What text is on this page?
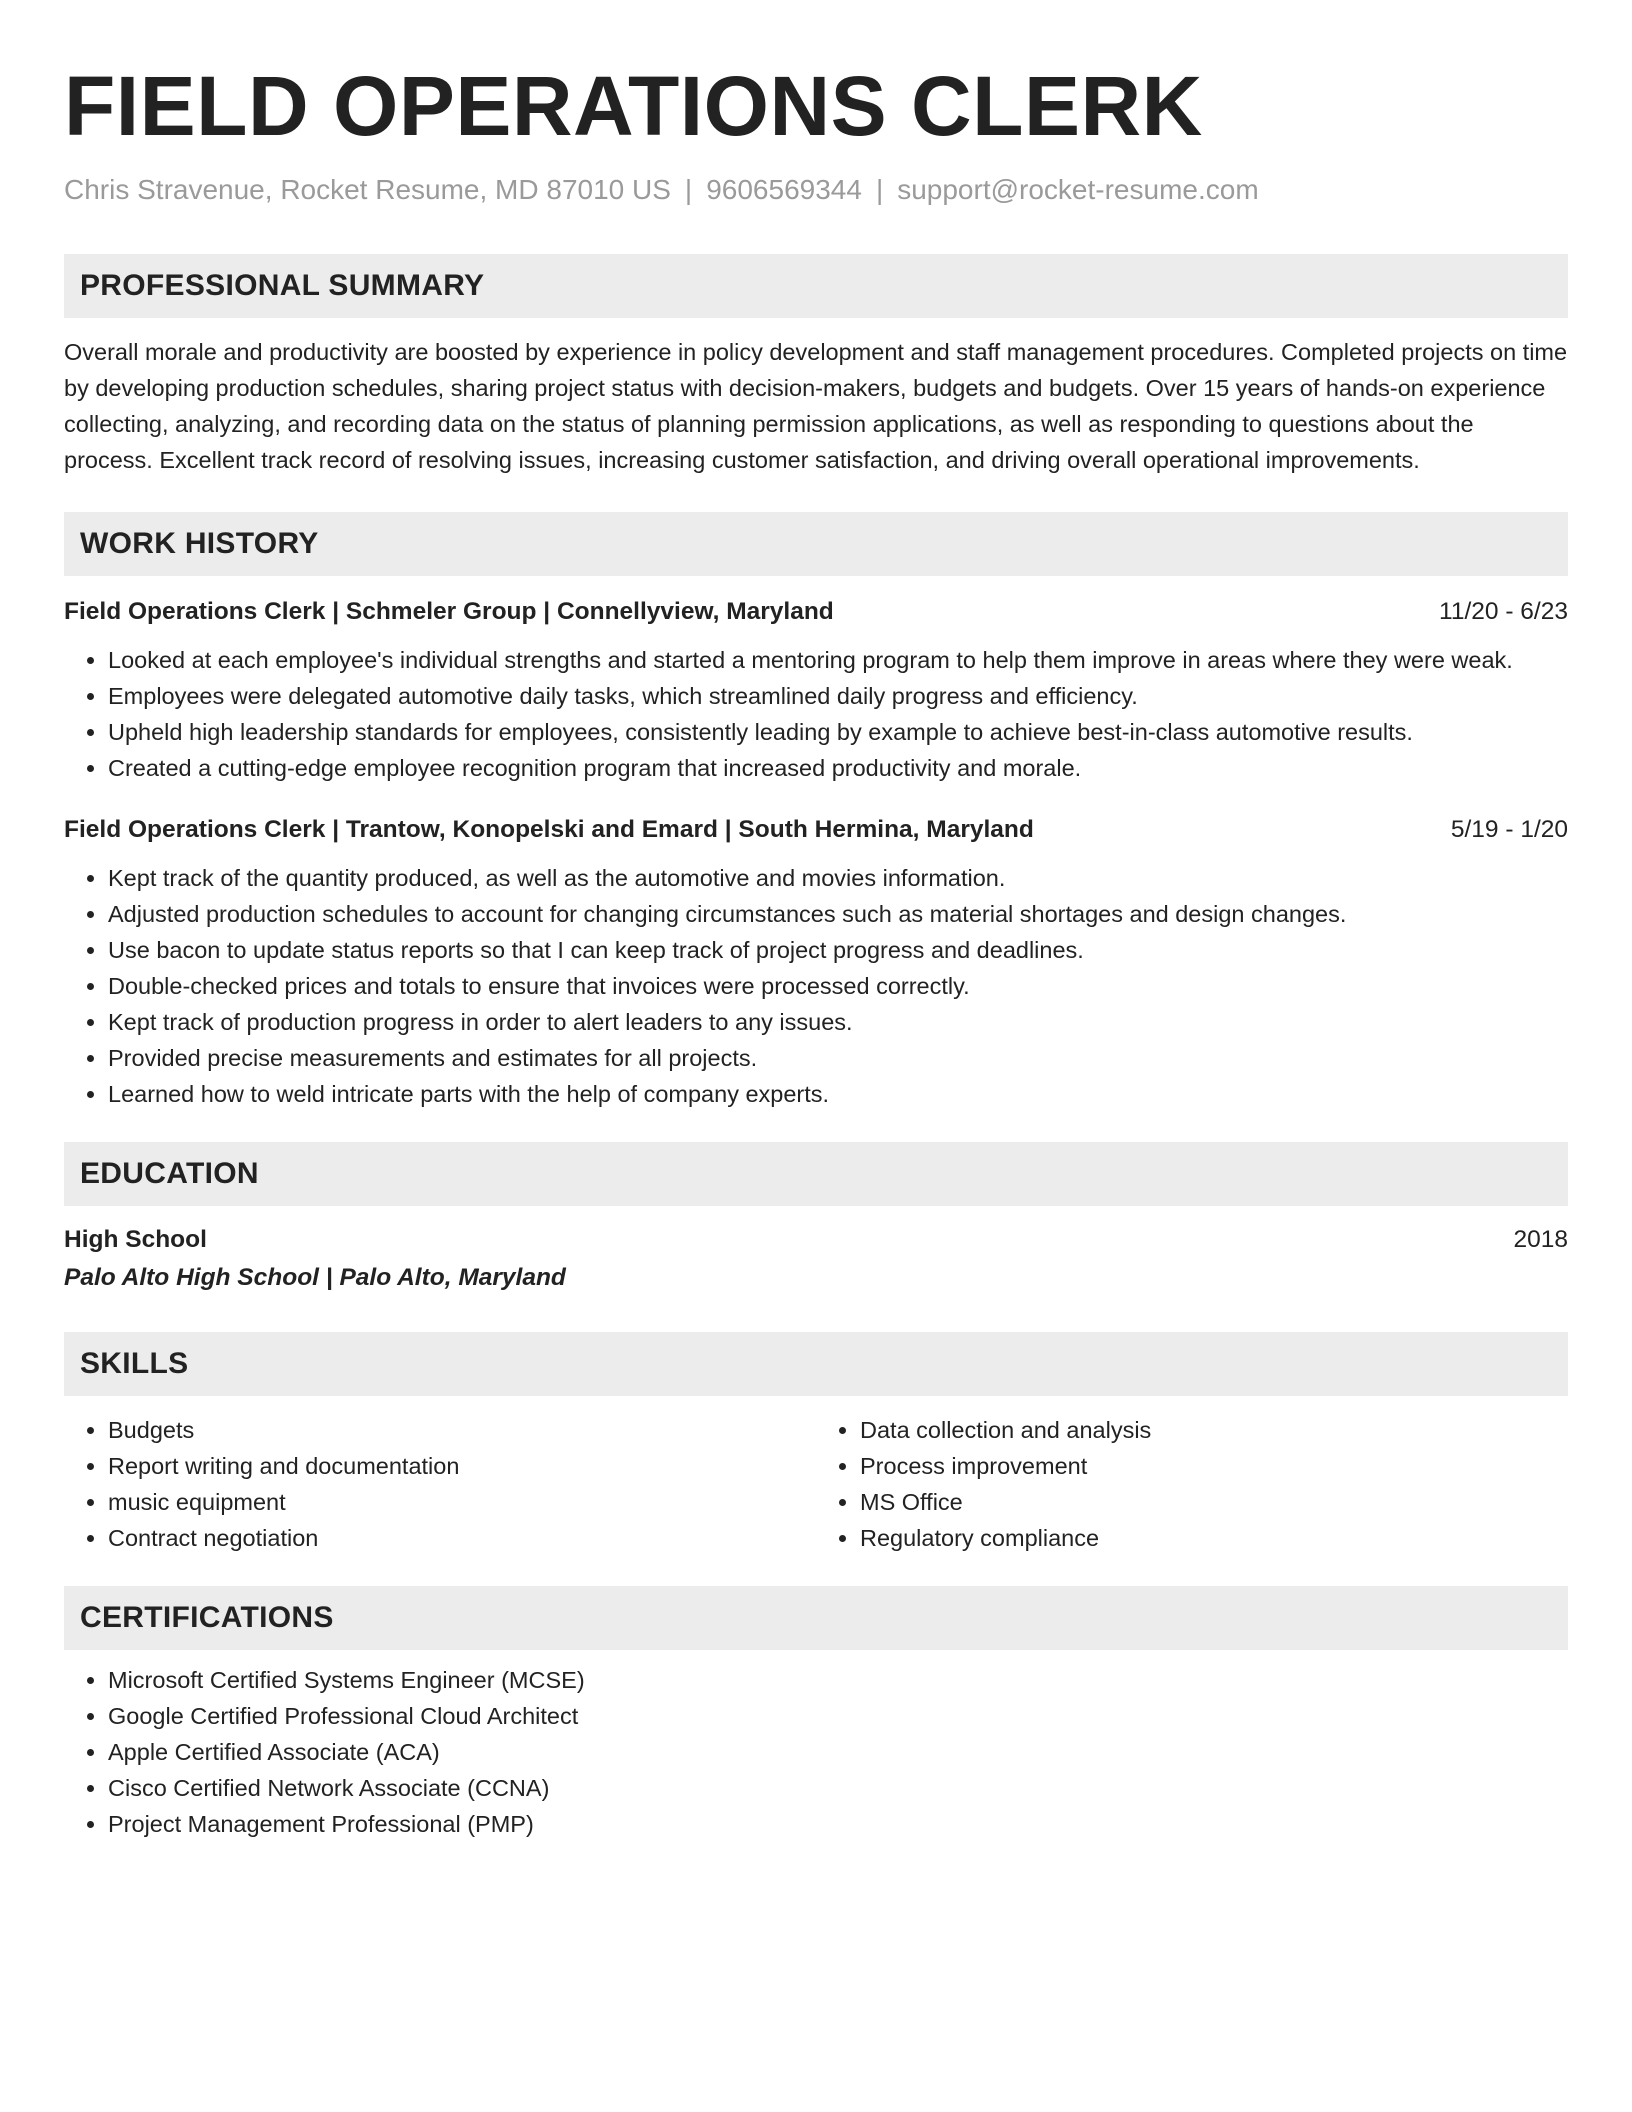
FIELD OPERATIONS CLERK
Chris Stravenue, Rocket Resume, MD 87010 US | 9606569344 | support@rocket-resume.com
PROFESSIONAL SUMMARY
Overall morale and productivity are boosted by experience in policy development and staff management procedures. Completed projects on time by developing production schedules, sharing project status with decision-makers, budgets and budgets. Over 15 years of hands-on experience collecting, analyzing, and recording data on the status of planning permission applications, as well as responding to questions about the process. Excellent track record of resolving issues, increasing customer satisfaction, and driving overall operational improvements.
WORK HISTORY
Field Operations Clerk | Schmeler Group | Connellyview, Maryland	11/20 - 6/23
• Looked at each employee's individual strengths and started a mentoring program to help them improve in areas where they were weak.
• Employees were delegated automotive daily tasks, which streamlined daily progress and efficiency.
• Upheld high leadership standards for employees, consistently leading by example to achieve best-in-class automotive results.
• Created a cutting-edge employee recognition program that increased productivity and morale.
Field Operations Clerk | Trantow, Konopelski and Emard | South Hermina, Maryland	5/19 - 1/20
• Kept track of the quantity produced, as well as the automotive and movies information.
• Adjusted production schedules to account for changing circumstances such as material shortages and design changes.
• Use bacon to update status reports so that I can keep track of project progress and deadlines.
• Double-checked prices and totals to ensure that invoices were processed correctly.
• Kept track of production progress in order to alert leaders to any issues.
• Provided precise measurements and estimates for all projects.
• Learned how to weld intricate parts with the help of company experts.
EDUCATION
High School	2018
Palo Alto High School | Palo Alto, Maryland
SKILLS
• Budgets
• Report writing and documentation
• music equipment
• Contract negotiation
• Data collection and analysis
• Process improvement
• MS Office
• Regulatory compliance
CERTIFICATIONS
• Microsoft Certified Systems Engineer (MCSE)
• Google Certified Professional Cloud Architect
• Apple Certified Associate (ACA)
• Cisco Certified Network Associate (CCNA)
• Project Management Professional (PMP)
